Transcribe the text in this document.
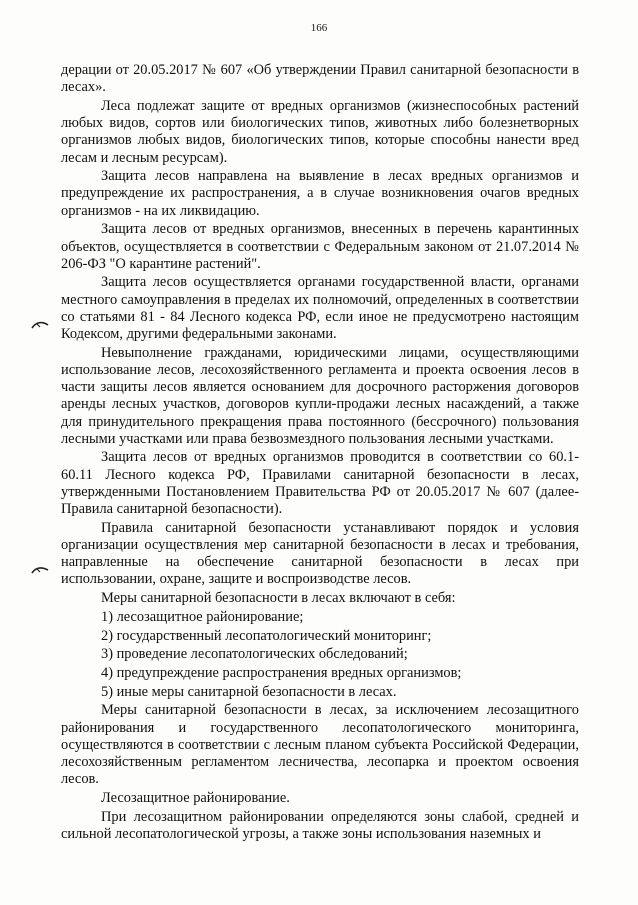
166

дерации от 20.05.2017 № 607 «Об утверждении Правил санитарной безопасности в лесах».

Леса подлежат защите от вредных организмов (жизнеспособных растений любых видов, сортов или биологических типов, животных либо болезнетворных организмов любых видов, биологических типов, которые способны нанести вред лесам и лесным ресурсам).

Защита лесов направлена на выявление в лесах вредных организмов и предупреждение их распространения, а в случае возникновения очагов вредных организмов - на их ликвидацию.

Защита лесов от вредных организмов, внесенных в перечень карантинных объектов, осуществляется в соответствии с Федеральным законом от 21.07.2014 № 206-ФЗ "О карантине растений".

Защита лесов осуществляется органами государственной власти, органами местного самоуправления в пределах их полномочий, определенных в соответствии со статьями 81 - 84 Лесного кодекса РФ, если иное не предусмотрено настоящим Кодексом, другими федеральными законами.

Невыполнение гражданами, юридическими лицами, осуществляющими использование лесов, лесохозяйственного регламента и проекта освоения лесов в части защиты лесов является основанием для досрочного расторжения договоров аренды лесных участков, договоров купли-продажи лесных насаждений, а также для принудительного прекращения права постоянного (бессрочного) пользования лесными участками или права безвозмездного пользования лесными участками.

Защита лесов от вредных организмов проводится в соответствии со 60.1-60.11 Лесного кодекса РФ, Правилами санитарной безопасности в лесах, утвержденными Постановлением Правительства РФ от 20.05.2017 № 607 (далее-Правила санитарной безопасности).

Правила санитарной безопасности устанавливают порядок и условия организации осуществления мер санитарной безопасности в лесах и требования, направленные на обеспечение санитарной безопасности в лесах при использовании, охране, защите и воспроизводстве лесов.

Меры санитарной безопасности в лесах включают в себя:

1) лесозащитное районирование;

2) государственный лесопатологический мониторинг;

3) проведение лесопатологических обследований;

4) предупреждение распространения вредных организмов;

5) иные меры санитарной безопасности в лесах.

Меры санитарной безопасности в лесах, за исключением лесозащитного районирования и государственного лесопатологического мониторинга, осуществляются в соответствии с лесным планом субъекта Российской Федерации, лесохозяйственным регламентом лесничества, лесопарка и проектом освоения лесов.

Лесозащитное районирование.

При лесозащитном районировании определяются зоны слабой, средней и сильной лесопатологической угрозы, а также зоны использования наземных и
